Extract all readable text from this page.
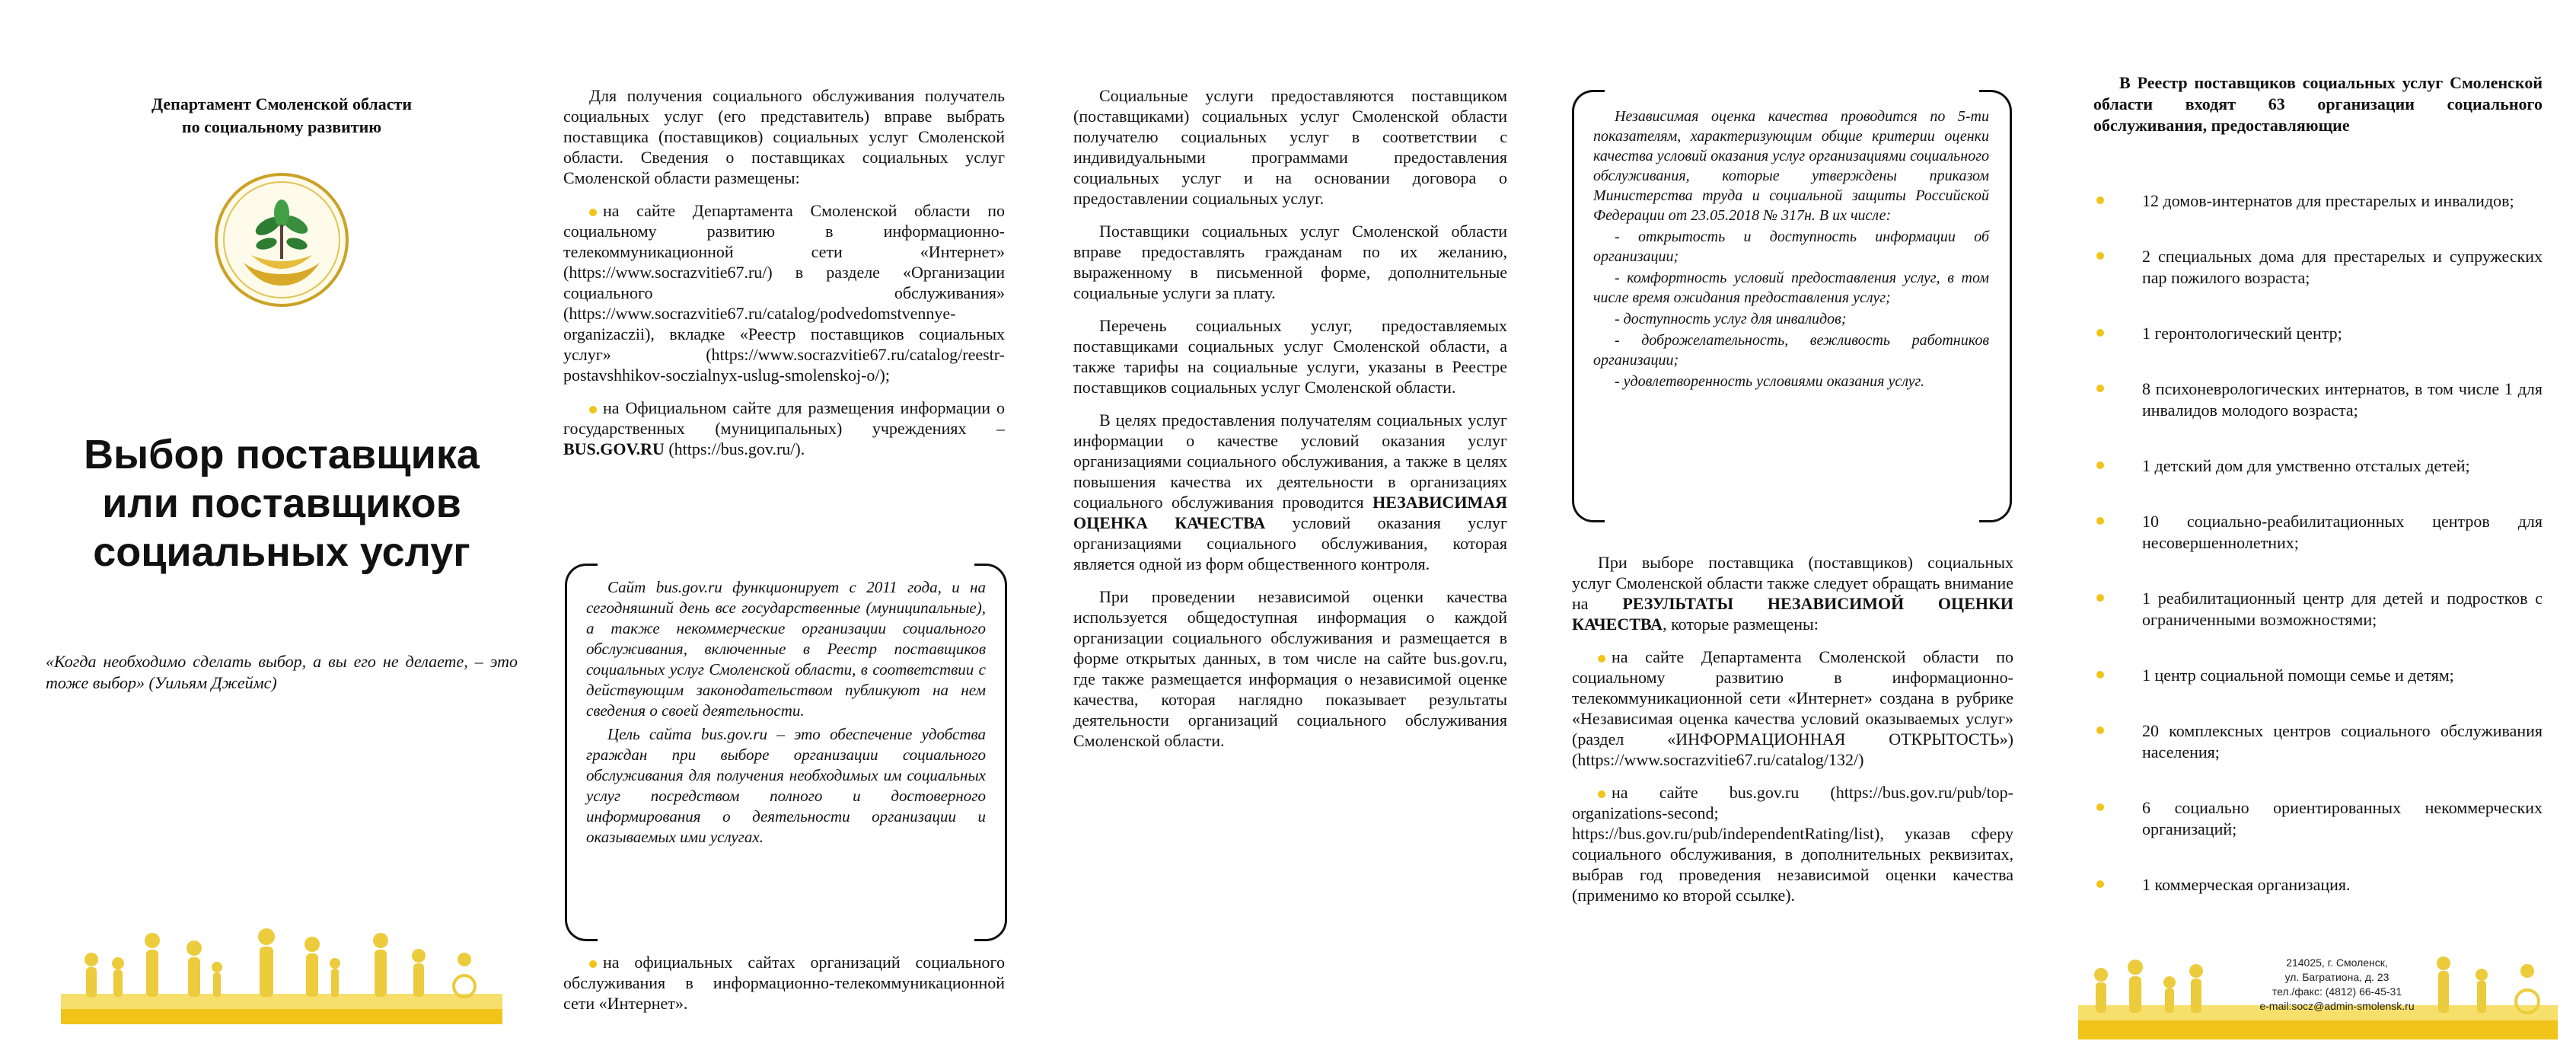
Департамент Смоленской области
по социальному развитию
Выбор поставщика или поставщиков социальных услуг
«Когда необходимо сделать выбор, а вы его не делаете, – это тоже выбор» (Уильям Джеймс)

Для получения социального обслуживания получатель социальных услуг (его представитель) вправе выбрать поставщика (поставщиков) социальных услуг Смоленской области. Сведения о поставщиках социальных услуг Смоленской области размещены:

на сайте Департамента Смоленской области по социальному развитию в информационно-телекоммуникационной сети «Интернет» (https://www.socrazvitie67.ru/) в разделе «Организации социального обслуживания» (https://www.socrazvitie67.ru/catalog/podvedomstvennye-organizaczii), вкладке «Реестр поставщиков социальных услуг» (https://www.socrazvitie67.ru/catalog/reestr-postavshhikov-soczialnyx-uslug-smolenskoj-o/);

на Официальном сайте для размещения информации о государственных (муниципальных) учреждениях – BUS.GOV.RU (https://bus.gov.ru/).

Сайт bus.gov.ru функционирует с 2011 года, и на сегодняшний день все государственные (муниципальные), а также некоммерческие организации социального обслуживания, включенные в Реестр поставщиков социальных услуг Смоленской области, в соответствии с действующим законодательством публикуют на нем сведения о своей деятельности.

Цель сайта bus.gov.ru – это обеспечение удобства граждан при выборе организации социального обслуживания для получения необходимых им социальных услуг посредством полного и достоверного информирования о деятельности организации и оказываемых ими услугах.

на официальных сайтах организаций социального обслуживания в информационно-телекоммуникационной сети «Интернет».

Социальные услуги предоставляются поставщиком (поставщиками) социальных услуг Смоленской области получателю социальных услуг в соответствии с индивидуальными программами предоставления социальных услуг и на основании договора о предоставлении социальных услуг.

Поставщики социальных услуг Смоленской области вправе предоставлять гражданам по их желанию, выраженному в письменной форме, дополнительные социальные услуги за плату.

Перечень социальных услуг, предоставляемых поставщиками социальных услуг Смоленской области, а также тарифы на социальные услуги, указаны в Реестре поставщиков социальных услуг Смоленской области.

В целях предоставления получателям социальных услуг информации о качестве условий оказания услуг организациями социального обслуживания, а также в целях повышения качества их деятельности в организациях социального обслуживания проводится НЕЗАВИСИМАЯ ОЦЕНКА КАЧЕСТВА условий оказания услуг организациями социального обслуживания, которая является одной из форм общественного контроля.

При проведении независимой оценки качества используется общедоступная информация о каждой организации социального обслуживания и размещается в форме открытых данных, в том числе на сайте bus.gov.ru, где также размещается информация о независимой оценке качества, которая наглядно показывает результаты деятельности организаций социального обслуживания Смоленской области.

Независимая оценка качества проводится по 5-ти показателям, характеризующим общие критерии оценки качества условий оказания услуг организациями социального обслуживания, которые утверждены приказом Министерства труда и социальной защиты Российской Федерации от 23.05.2018 № 317н. В их числе:

- открытость и доступность информации об организации;

- комфортность условий предоставления услуг, в том числе время ожидания предоставления услуг;

- доступность услуг для инвалидов;

- доброжелательность, вежливость работников организации;

- удовлетворенность условиями оказания услуг.

При выборе поставщика (поставщиков) социальных услуг Смоленской области также следует обращать внимание на РЕЗУЛЬТАТЫ НЕЗАВИСИМОЙ ОЦЕНКИ КАЧЕСТВА, которые размещены:

на сайте Департамента Смоленской области по социальному развитию в информационно-телекоммуникационной сети «Интернет» создана в рубрике «Независимая оценка качества условий оказываемых услуг» (раздел «ИНФОРМАЦИОННАЯ ОТКРЫТОСТЬ») (https://www.socrazvitie67.ru/catalog/132/)

на сайте bus.gov.ru (https://bus.gov.ru/pub/top-organizations-second; https://bus.gov.ru/pub/independentRating/list), указав сферу социального обслуживания, в дополнительных реквизитах, выбрав год проведения независимой оценки качества (применимо ко второй ссылке).

В Реестр поставщиков социальных услуг Смоленской области входят 63 организации социального обслуживания, предоставляющие
12 домов-интернатов для престарелых и инвалидов;
2 специальных дома для престарелых и супружеских пар пожилого возраста;
1 геронтологический центр;
8 психоневрологических интернатов, в том числе 1 для инвалидов молодого возраста;
1 детский дом для умственно отсталых детей;
10 социально-реабилитационных центров для несовершеннолетних;
1 реабилитационный центр для детей и подростков с ограниченными возможностями;
1 центр социальной помощи семье и детям;
20 комплексных центров социального обслуживания населения;
6 социально ориентированных некоммерческих организаций;
1 коммерческая организация.
214025, г. Смоленск,
ул. Багратиона, д. 23
тел./факс: (4812) 66-45-31
e-mail:socz@admin-smolensk.ru
